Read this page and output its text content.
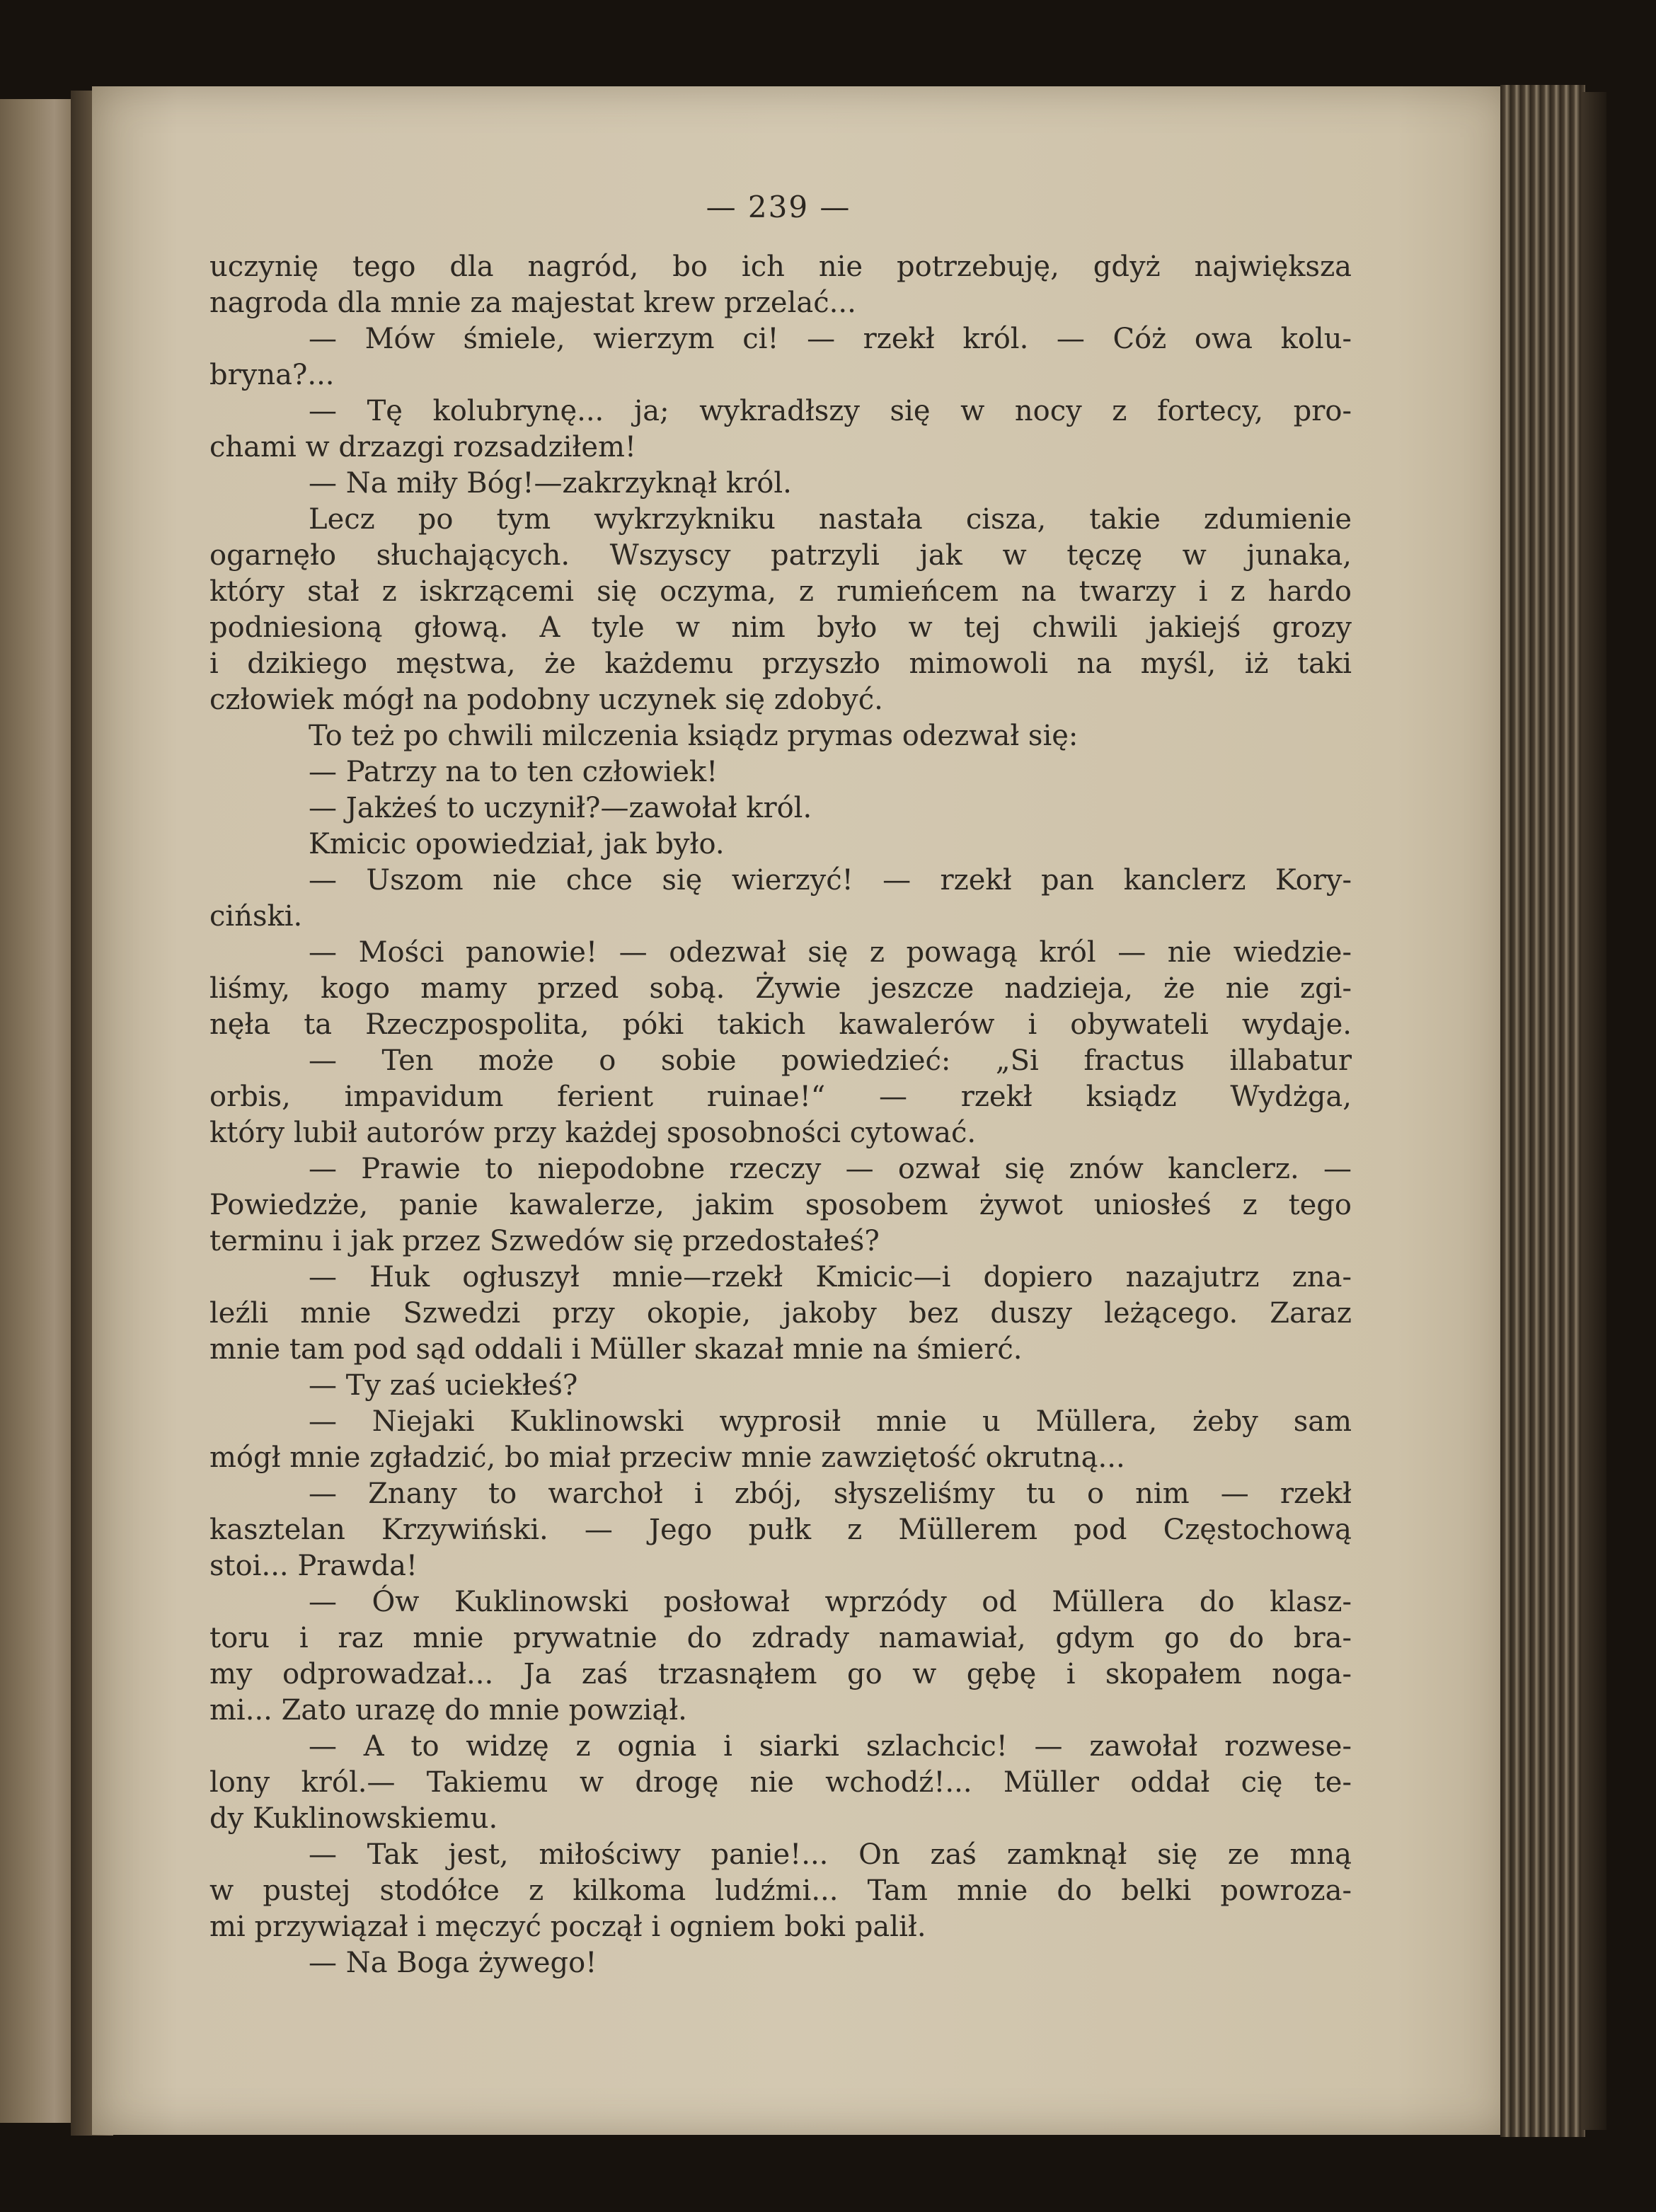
— 239 —
uczynię tego dla nagród, bo ich nie potrzebuję, gdyż największa
nagroda dla mnie za majestat krew przelać...
— Mów śmiele, wierzym ci! — rzekł król. — Cóż owa kolu-
bryna?...
— Tę kolubrynę... ja; wykradłszy się w nocy z fortecy, pro-
chami w drzazgi rozsadziłem!
— Na miły Bóg!—zakrzyknął król.
Lecz po tym wykrzykniku nastała cisza, takie zdumienie
ogarnęło słuchających. Wszyscy patrzyli jak w tęczę w junaka,
który stał z iskrzącemi się oczyma, z rumieńcem na twarzy i z hardo
podniesioną głową. A tyle w nim było w tej chwili jakiejś grozy
i dzikiego męstwa, że każdemu przyszło mimowoli na myśl, iż taki
człowiek mógł na podobny uczynek się zdobyć.
To też po chwili milczenia ksiądz prymas odezwał się:
— Patrzy na to ten człowiek!
— Jakżeś to uczynił?—zawołał król.
Kmicic opowiedział, jak było.
— Uszom nie chce się wierzyć! — rzekł pan kanclerz Kory-
ciński.
— Mości panowie! — odezwał się z powagą król — nie wiedzie-
liśmy, kogo mamy przed sobą. Żywie jeszcze nadzieja, że nie zgi-
nęła ta Rzeczpospolita, póki takich kawalerów i obywateli wydaje.
— Ten może o sobie powiedzieć: „Si fractus illabatur
orbis, impavidum ferient ruinae!“ — rzekł ksiądz Wydżga,
który lubił autorów przy każdej sposobności cytować.
— Prawie to niepodobne rzeczy — ozwał się znów kanclerz. —
Powiedzże, panie kawalerze, jakim sposobem żywot uniosłeś z tego
terminu i jak przez Szwedów się przedostałeś?
— Huk ogłuszył mnie—rzekł Kmicic—i dopiero nazajutrz zna-
leźli mnie Szwedzi przy okopie, jakoby bez duszy leżącego. Zaraz
mnie tam pod sąd oddali i Müller skazał mnie na śmierć.
— Ty zaś uciekłeś?
— Niejaki Kuklinowski wyprosił mnie u Müllera, żeby sam
mógł mnie zgładzić, bo miał przeciw mnie zawziętość okrutną...
— Znany to warchoł i zbój, słyszeliśmy tu o nim — rzekł
kasztelan Krzywiński. — Jego pułk z Müllerem pod Częstochową
stoi... Prawda!
— Ów Kuklinowski posłował wprzódy od Müllera do klasz-
toru i raz mnie prywatnie do zdrady namawiał, gdym go do bra-
my odprowadzał... Ja zaś trzasnąłem go w gębę i skopałem noga-
mi... Zato urazę do mnie powziął.
— A to widzę z ognia i siarki szlachcic! — zawołał rozwese-
lony król.— Takiemu w drogę nie wchodź!... Müller oddał cię te-
dy Kuklinowskiemu.
— Tak jest, miłościwy panie!... On zaś zamknął się ze mną
w pustej stodółce z kilkoma ludźmi... Tam mnie do belki powroza-
mi przywiązał i męczyć począł i ogniem boki palił.
— Na Boga żywego!
